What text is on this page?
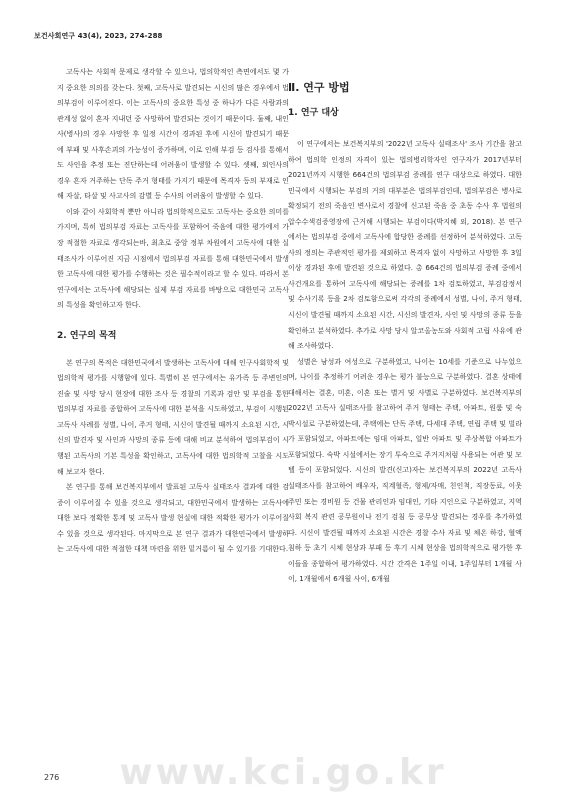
보건사회연구 43(4), 2023, 274-288

고독사는 사회적 문제로 생각할 수 있으나, 법의학적인 측면에서도 몇 가지 중요한 의의를 갖는다. 첫째, 고독사로 발견되는 시신의 많은 경우에서 법의부검이 이루어진다. 이는 고독사의 중요한 특성 중 하나가 다른 사람과의 관계성 없이 혼자 지내던 중 사망하여 발견되는 것이기 때문이다. 둘째, 내인사(병사)의 경우 사망한 후 일정 시간이 경과된 후에 시신이 발견되기 때문에 부패 및 사후손괴의 가능성이 증가하며, 이로 인해 부검 등 검사를 통해서도 사인을 추정 또는 진단하는데 어려움이 발생할 수 있다. 셋째, 외인사의 경우 흔자 거주하는 단독 주거 형태를 가지기 때문에 목격자 등의 부재로 인해 자살, 타살 및 사고사의 감별 등 수사의 어려움이 발생할 수 있다.

이와 같이 사회학적 뿐만 아니라 법의학적으로도 고독사는 중요한 의미를 가지며, 특히 법의부검 자료는 고독사를 포함하여 죽음에 대한 평가에서 가장 적절한 자료로 생각되는바, 최초로 중앙 정부 차원에서 고독사에 대한 실태조사가 이루어진 지금 시점에서 법의부검 자료를 통해 대한민국에서 발생한 고독사에 대한 평가를 수행하는 것은 필수적이라고 할 수 있다. 따라서 본 연구에서는 고독사에 해당되는 실제 부검 자료를 바탕으로 대한민국 고독사의 특성을 확인하고자 한다.

2. 연구의 목적

본 연구의 목적은 대한민국에서 발생하는 고독사에 대해 인구사회학적 및 법의학적 평가를 시행함에 있다. 특별히 본 연구에서는 유가족 등 주변인의 진술 및 사망 당시 현장에 대한 조사 등 경찰의 기록과 검안 및 부검을 통한 법의부검 자료를 종합하여 고독사에 대한 분석을 시도하였고, 부검이 시행된 고독사 사례를 성별, 나이, 주거 형태, 시신이 발견될 때까지 소요된 시간, 시신의 발견자 및 사인과 사망의 종류 등에 대해 비교 분석하여 법의부검이 시행된 고독사의 기본 특성을 확인하고, 고독사에 대한 법의학적 고찰을 시도해 보고자 한다.

본 연구를 통해 보건복지부에서 발표된 고독사 실태조사 결과에 대한 검증이 이루어질 수 있을 것으로 생각되고, 대한민국에서 발생하는 고독사에 대한 보다 정확한 통계 및 고독사 발생 현실에 대한 적확한 평가가 이루어질 수 있을 것으로 생각된다. 마지막으로 본 연구 결과가 대한민국에서 발생하는 고독사에 대한 적절한 대책 마련을 위한 밑거름이 될 수 있기를 기대한다.

Ⅱ. 연구 방법
1. 연구 대상

이 연구에서는 보건복지부의 '2022년 고독사 실태조사' 조사 기간을 참고하여 법의학 인정의 자격이 있는 법의병리학자인 연구자가 2017년부터 2021년까지 시행한 664건의 법의부검 증례를 연구 대상으로 하였다. 대한민국에서 시행되는 부검의 거의 대부분은 법의부검인데, 법의부검은 병사로 확정되기 전의 죽음인 변사로서 경찰에 신고된 죽음 중 초동 수사 후 법원의 압수수색검증영장에 근거해 시행되는 부검이다(박지혜 외, 2018). 본 연구에서는 법의부검 중에서 고독사에 합당한 증례를 선정하여 분석하였다. 고독사의 정의는 주관적인 평가를 제외하고 목격자 없이 사망하고 사망한 후 3일 이상 경과된 후에 발견된 것으로 하였다. 총 664건의 법의부검 증례 중에서 사건개요를 통하여 고독사에 해당되는 증례를 1차 검토하였고, 부검감정서 및 수사기록 등을 2차 검토함으로써 각각의 증례에서 성별, 나이, 주거 형태, 시신이 발견될 때까지 소요된 시간, 시신의 발견자, 사인 및 사망의 종류 등을 확인하고 분석하였다. 추가로 사망 당시 알코올농도와 사회적 고립 사유에 관해 조사하였다.

성별은 남성과 여성으로 구분하였고, 나이는 10세를 기준으로 나누었으며, 나이를 추정하기 어려운 경우는 평가 불능으로 구분하였다. 결혼 상태에 대해서는 결혼, 미혼, 이혼 또는 별거 및 사별로 구분하였다. 보건복지부의 2022년 고독사 실태조사를 참고하여 주거 형태는 주택, 아파트, 원룸 및 숙박시설로 구분하였는데, 주택에는 단독 주택, 다세대 주택, 연립 주택 및 빌라가 포함되었고, 아파트에는 임대 아파트, 일반 아파트 및 주상복합 아파트가 포함되었다. 숙박 시설에서는 장기 투숙으로 주거지처럼 사용되는 여관 및 모텔 등이 포함되었다. 시신의 발견(신고)자는 보건복지부의 2022년 고독사 실태조사를 참고하여 배우자, 직계혈족, 형제/자매, 친인척, 직장동료, 이웃 주민 또는 경비원 등 건물 관리인과 임대인, 기타 지인으로 구분하였고, 지역사회 복지 관련 공무원이나 전기 검침 등 공무상 발견되는 경우를 추가하였다. 시신이 발견될 때까지 소요된 시간은 경찰 수사 자료 및 체온 하강, 혈액 침하 등 초기 시체 현상과 부패 등 후기 시체 현상을 법의학적으로 평가한 후 이들을 종합하여 평가하였다. 시간 간격은 1주일 이내, 1주일부터 1개월 사이, 1개월에서 6개월 사이, 6개월

www.kci.go.kr
276
